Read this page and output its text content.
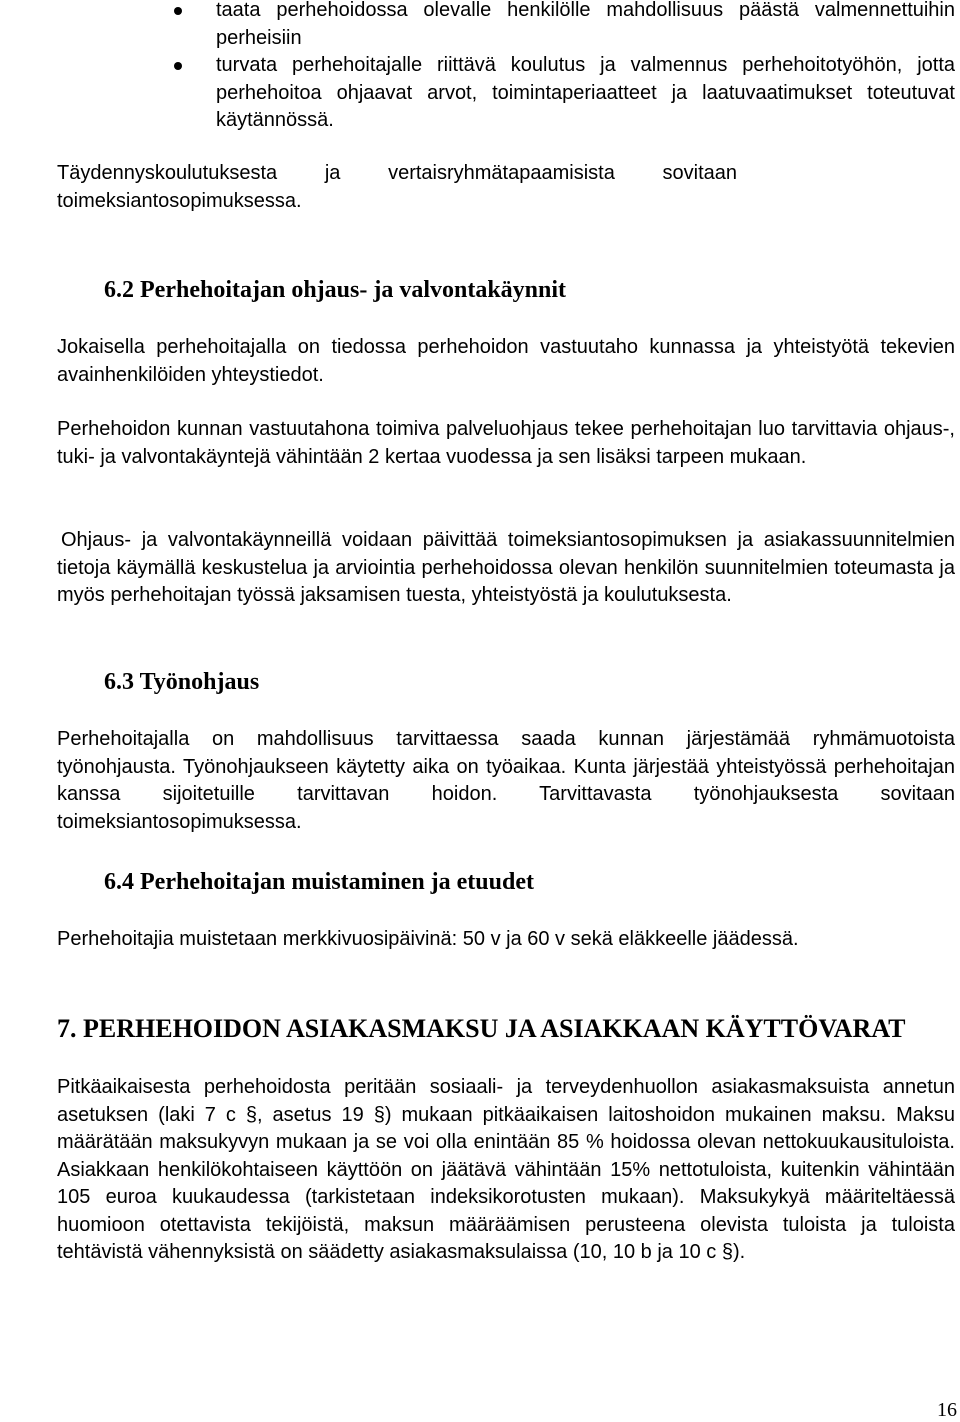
taata perhehoidossa olevalle henkilölle mahdollisuus päästä valmennettuihin perheisiin
turvata perhehoitajalle riittävä koulutus ja valmennus perhehoitotyöhön, jotta perhehoitoa ohjaavat arvot, toimintaperiaatteet ja laatuvaatimukset toteutuvat käytännössä.
Täydennyskoulutuksesta ja vertaisryhmätapaamisista sovitaan toimeksiantosopimuksessa.
6.2 Perhehoitajan ohjaus- ja valvontakäynnit
Jokaisella perhehoitajalla on tiedossa perhehoidon vastuutaho kunnassa ja yhteistyötä tekevien avainhenkilöiden yhteystiedot.
Perhehoidon kunnan vastuutahona toimiva palveluohjaus tekee perhehoitajan luo tarvittavia ohjaus-, tuki- ja valvontakäyntejä vähintään 2 kertaa vuodessa ja sen lisäksi tarpeen mukaan.
Ohjaus- ja valvontakäynneillä voidaan päivittää toimeksiantosopimuksen ja asiakassuunnitelmien tietoja käymällä keskustelua ja arviointia perhehoidossa olevan henkilön suunnitelmien toteumasta ja myös perhehoitajan työssä jaksamisen tuesta, yhteistyöstä ja koulutuksesta.
6.3 Työnohjaus
Perhehoitajalla on mahdollisuus tarvittaessa saada kunnan järjestämää ryhmämuotoista työnohjausta. Työnohjaukseen käytetty aika on työaikaa. Kunta järjestää yhteistyössä perhehoitajan kanssa sijoitetuille tarvittavan hoidon. Tarvittavasta työnohjauksesta sovitaan toimeksiantosopimuksessa.
6.4 Perhehoitajan muistaminen ja etuudet
Perhehoitajia muistetaan merkkivuosipäivinä: 50 v ja 60 v sekä eläkkeelle jäädessä.
7. PERHEHOIDON ASIAKASMAKSU JA ASIAKKAAN KÄYTTÖVARAT
Pitkäaikaisesta perhehoidosta peritään sosiaali- ja terveydenhuollon asiakasmaksuista annetun asetuksen (laki 7 c §, asetus 19 §) mukaan pitkäaikaisen laitoshoidon mukainen maksu. Maksu määrätään maksukyvyn mukaan ja se voi olla enintään 85 % hoidossa olevan nettokuukausituloista. Asiakkaan henkilökohtaiseen käyttöön on jäätävä vähintään 15% nettotuloista, kuitenkin vähintään 105 euroa kuukaudessa (tarkistetaan indeksikorotusten mukaan). Maksukykyä määriteltäessä huomioon otettavista tekijöistä, maksun määräämisen perusteena olevista tuloista ja tuloista tehtävistä vähennyksistä on säädetty asiakasmaksulaissa (10, 10 b ja 10 c §).
16
